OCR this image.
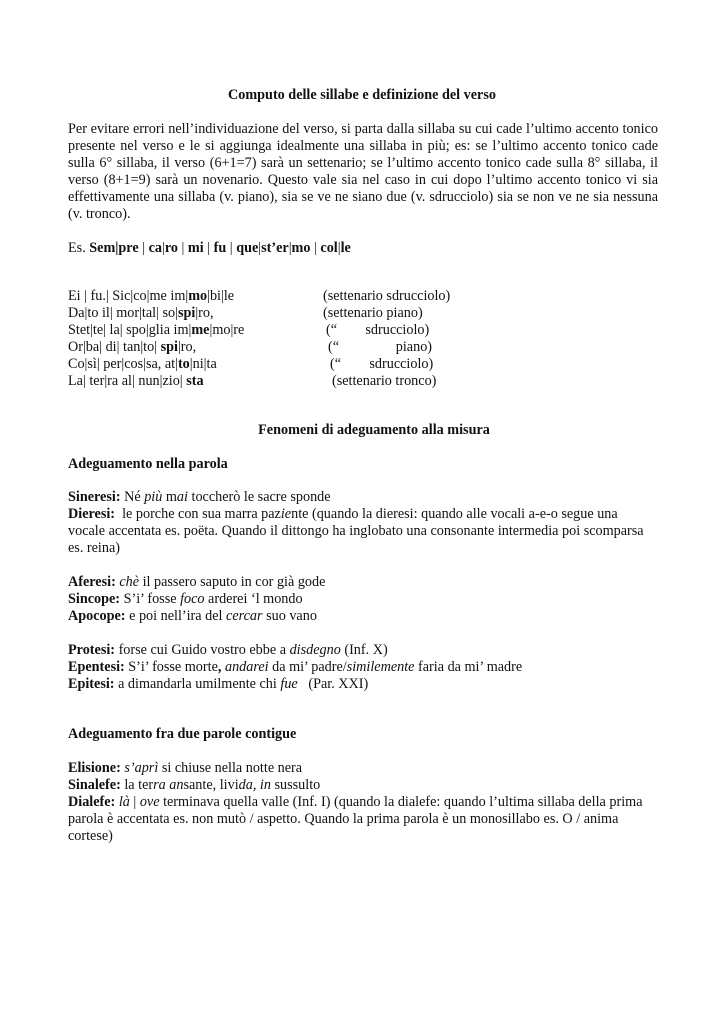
Computo delle sillabe e definizione del verso
Per evitare errori nell’individuazione del verso, si parta dalla sillaba su cui cade l’ultimo accento tonico presente nel verso e le si aggiunga idealmente una sillaba in più; es: se l’ultimo accento tonico cade sulla 6° sillaba, il verso (6+1=7) sarà un settenario; se l’ultimo accento tonico cade sulla 8° sillaba, il verso (8+1=9) sarà un novenario. Questo vale sia nel caso in cui dopo l’ultimo accento tonico vi sia effettivamente una sillaba (v. piano), sia se ve ne siano due (v. sdrucciolo) sia se non ve ne sia nessuna (v. tronco).
Es. Sem|pre | ca|ro | mi | fu | que|st’er|mo | col|le
Ei | fu.| Sic|co|me im|mo|bi|le	(settenario sdrucciolo)
Da|to il| mor|tal| so|spi|ro,	(settenario piano)
Stet|te| la| spo|glia im|me|mo|re	(“        sdrucciolo)
Or|ba| di| tan|to| spi|ro,	(“                piano)
Co|sì| per|cos|sa, at|to|ni|ta	(“        sdrucciolo)
La| ter|ra al| nun|zio| sta	(settenario tronco)
Fenomeni di adeguamento alla misura
Adeguamento nella parola
Sineresi: Né più mai toccherò le sacre sponde
Dieresi:  le porche con sua marra paziente (quando la dieresi: quando alle vocali a-e-o segue una vocale accentata es. poëta. Quando il dittongo ha inglobato una consonante intermedia poi scomparsa es. reina)
Aferesi: chè il passero saputo in cor già gode
Sincope: S’i’ fosse foco arderei ‘l mondo
Apocope: e poi nell’ira del cercar suo vano
Protesi: forse cui Guido vostro ebbe a disdegno (Inf. X)
Epentesi: S’i’ fosse morte, andarei da mi’ padre/similemente faria da mi’ madre
Epitesi: a dimandarla umilmente chi fue   (Par. XXI)
Adeguamento fra due parole contigue
Elisione: s’aprì si chiuse nella notte nera
Sinalefe: la terra ansante, livida, in sussulto
Dialefe: là | ove terminava quella valle (Inf. I) (quando la dialefe: quando l’ultima sillaba della prima parola è accentata es. non mutò / aspetto. Quando la prima parola è un monosillabo es. O / anima cortese)
